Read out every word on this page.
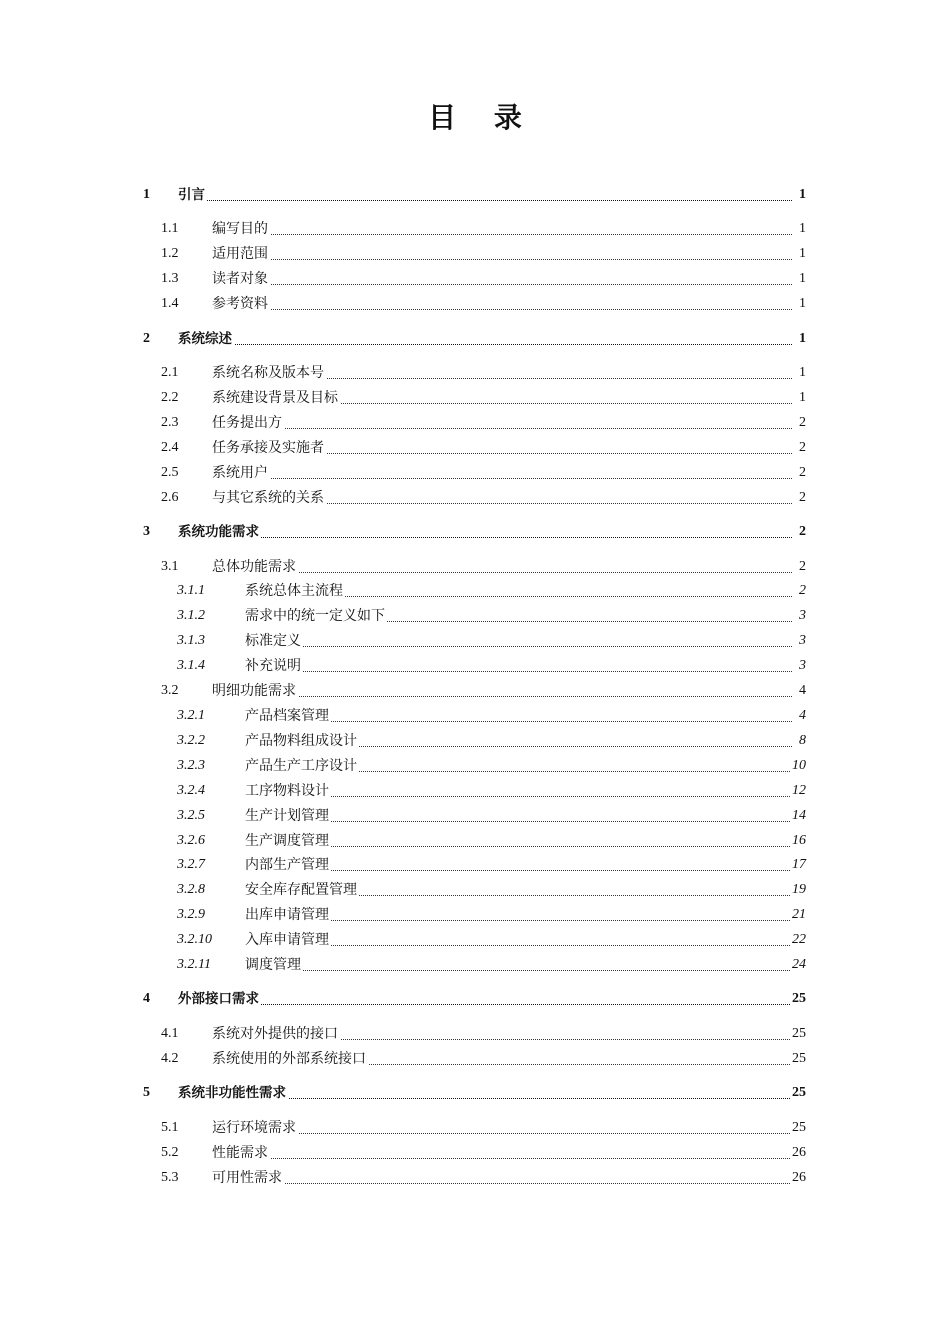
目 录
1 引言	1
1.1 编写目的	1
1.2 适用范围	1
1.3 读者对象	1
1.4 参考资料	1
2 系统综述	1
2.1 系统名称及版本号	1
2.2 系统建设背景及目标	1
2.3 任务提出方	2
2.4 任务承接及实施者	2
2.5 系统用户	2
2.6 与其它系统的关系	2
3 系统功能需求	2
3.1 总体功能需求	2
3.1.1	系统总体主流程	2
3.1.2	需求中的统一定义如下	3
3.1.3	标准定义	3
3.1.4	补充说明	3
3.2 明细功能需求	4
3.2.1	产品档案管理	4
3.2.2	产品物料组成设计	8
3.2.3	产品生产工序设计	10
3.2.4	工序物料设计	12
3.2.5	生产计划管理	14
3.2.6	生产调度管理	16
3.2.7	内部生产管理	17
3.2.8	安全库存配置管理	19
3.2.9	出库申请管理	21
3.2.10 入库申请管理	22
3.2.11 调度管理	24
4 外部接口需求	25
4.1 系统对外提供的接口	25
4.2 系统使用的外部系统接口	25
5 系统非功能性需求	25
5.1 运行环境需求	25
5.2 性能需求	26
5.3 可用性需求	26
